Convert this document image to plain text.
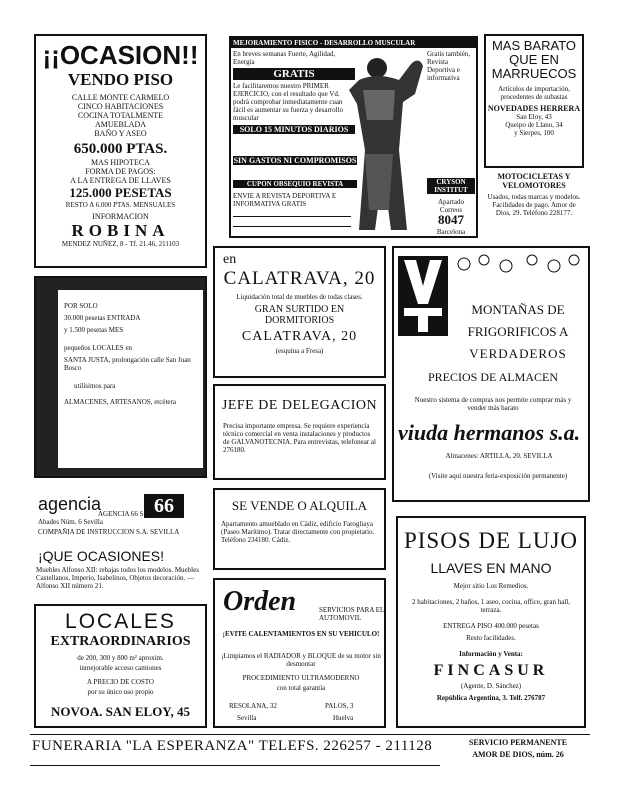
¡¡OCASION!!
VENDO PISO
CALLE MONTE CARMELO
CINCO HABITACIONES
COCINA TOTALMENTE
AMUEBLADA
BAÑO Y ASEO
650.000 PTAS.
MAS HIPOTECA
FORMA DE PAGOS:
A LA ENTREGA DE LLAVES
125.000 PESETAS
RESTO A 6.000 PTAS. MENSUALES
INFORMACION
ROBINA
MENDEZ NUÑEZ, 8 - Tf. 21.46, 211103
MEJORAMIENTO FISICO - DESARROLLO MUSCULAR
En breves semanas Fuerte, Agilidad, Energía
GRATIS
Le facilitaremos nuestro PRIMER EJERCICIO, con el resultado que Vd. podrá comprobar inmediatamente cuan fácil es aumentar su fuerza y desarrollo muscular
SOLO 15 MINUTOS DIARIOS
Gratis también, Revista Deportiva e informativa
SIN GASTOS NI COMPROMISOS
CUPON OBSEQUIO REVISTA
ENVIE A REVISTA DEPORTIVA E INFORMATIVA GRATIS
CRYSON INSTITUT
Apartado Correos
8047
Barcelona
MAS BARATO QUE EN MARRUECOS
Artículos de importación, procedentes de subastas
NOVEDADES HERRERA
San Eloy, 43
Queipo de Llano, 34
y Sierpes, 100
MOTOCICLETAS Y VELOMOTORES
Usados, todas marcas y modelos. Facilidades de pago. Amor de Dios, 29. Teléfono 228177.
en
CALATRAVA, 20
Liquidación total de muebles de todas clases.
GRAN SURTIDO EN DORMITORIOS
CALATRAVA, 20
(esquina a Fresa)
MONTAÑAS DE
FRIGORIFICOS A
VERDADEROS
PRECIOS DE ALMACEN
Nuestro sistema de compras nos permite comprar más y vender más barato
viuda hermanos s.a.
Almacenes: ARTILLA, 20. SEVILLA
(Visite aquí nuestra feria-exposición permanente)
POR SOLO
30.000 pesetas ENTRADA
y 1.500 pesetas MES
pequeños LOCALES en
SANTA JUSTA, prolongación calle San Juan Bosco
utilísimos para
ALMACENES, ARTESANOS, etcétera	JEFE DE DELEGACION
Precisa importante empresa. Se requiere experiencia técnico comercial en venta instalaciones y productos de GALVANOTECNIA. Para entrevistas, telefonear al 276180.
agencia	66
AGENCIA 66 S.A.
Abades Núm. 6 Sevilla
COMPAÑIA DE INSTRUCCION S.A. SEVILLA
SE VENDE O ALQUILA
Apartamento amueblado en Cádiz, edificio Farogliaya (Paseo Marítimo). Tratar directamente con propietario. Teléfono 234180. Cádiz.	PISOS DE LUJO
LLAVES EN MANO
Mejor sitio Los Remedios.
2 habitaciones, 2 baños, 1 aseo, cocina, office, gran hall, terraza.
ENTREGA PISO 400.000 pesetas
Resto facilidades.
Información y Venta:
FINCASUR
(Agente, D. Sánchez)
República Argentina, 3. Telf. 276787
¡QUE OCASIONES!
Muebles Alfonso XII: rebajas todos los modelos. Muebles Castellanos, Imperio, Isabelinos, Objetos decoración. — Alfonso XII número 21.	Orden	SERVICIOS PARA EL AUTOMOVIL
¡EVITE CALENTAMIENTOS EN SU VEHICULO!
¡Limpiamos el RADIADOR y BLOQUE de su motor sin desmontar
PROCEDIMIENTO ULTRAMODERNO
con total garantía
RESOLANA, 32	PALOS, 3
Sevilla	Huelva
LOCALES
EXTRAORDINARIOS
de 200, 300 y 800 m² aproxim.
inmejorable acceso camiones
A PRECIO DE COSTO
por su único uso propio
NOVOA. SAN ELOY, 45
FUNERARIA "LA ESPERANZA" TELEFS. 226257 - 211128	SERVICIO PERMANENTE
AMOR DE DIOS, núm. 26
